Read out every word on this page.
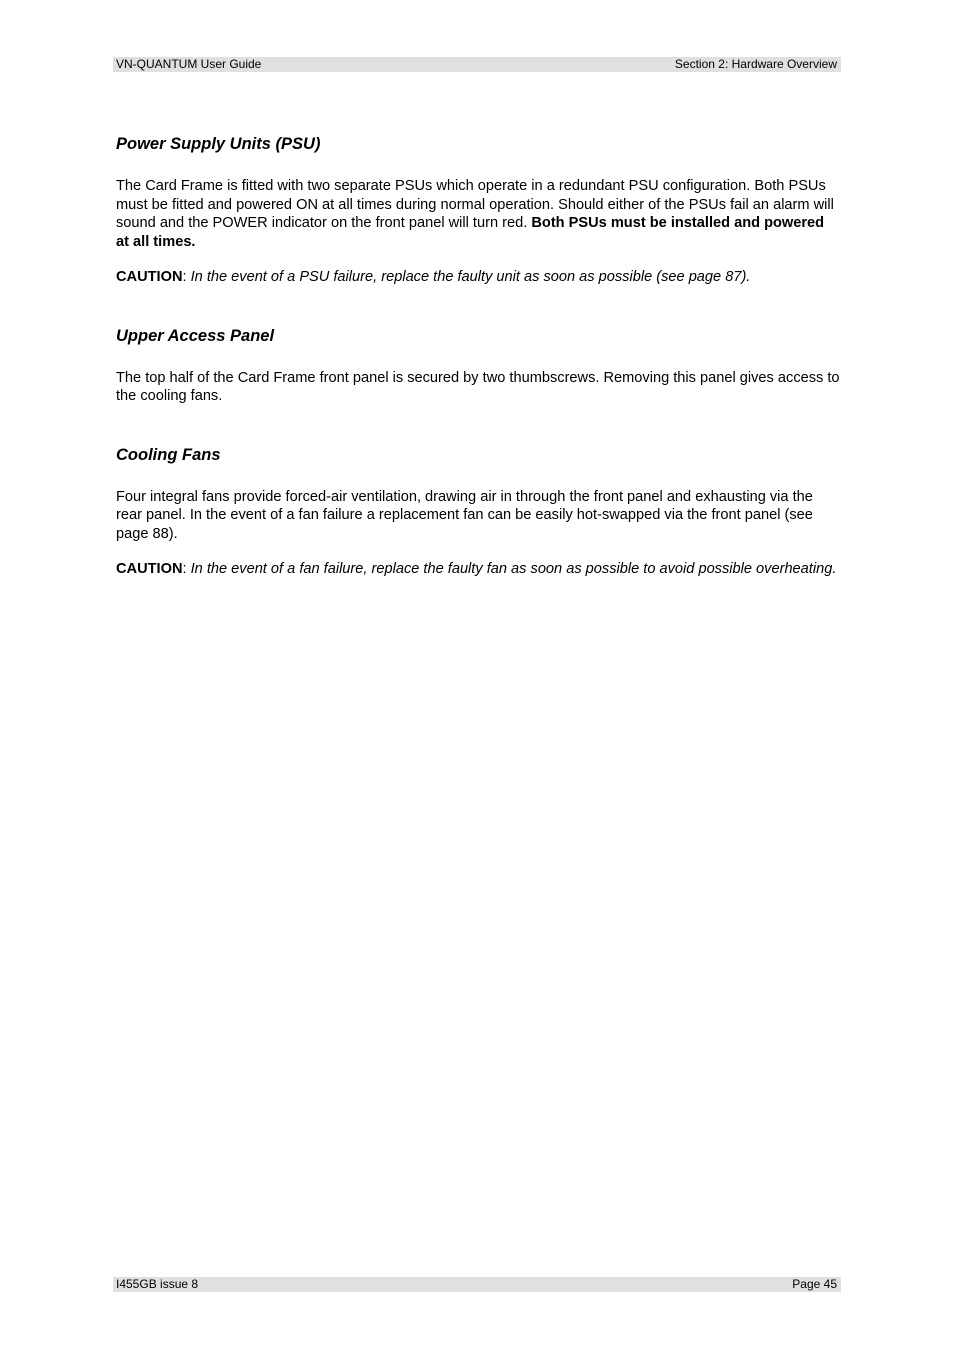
VN-QUANTUM User Guide	Section 2: Hardware Overview
Power Supply Units (PSU)

The Card Frame is fitted with two separate PSUs which operate in a redundant PSU configuration. Both PSUs must be fitted and powered ON at all times during normal operation. Should either of the PSUs fail an alarm will sound and the POWER indicator on the front panel will turn red. Both PSUs must be installed and powered at all times.

CAUTION: In the event of a PSU failure, replace the faulty unit as soon as possible (see page 87).

Upper Access Panel

The top half of the Card Frame front panel is secured by two thumbscrews. Removing this panel gives access to the cooling fans.

Cooling Fans

Four integral fans provide forced-air ventilation, drawing air in through the front panel and exhausting via the rear panel. In the event of a fan failure a replacement fan can be easily hot-swapped via the front panel (see page 88).

CAUTION: In the event of a fan failure, replace the faulty fan as soon as possible to avoid possible overheating.

I455GB issue 8	Page 45
